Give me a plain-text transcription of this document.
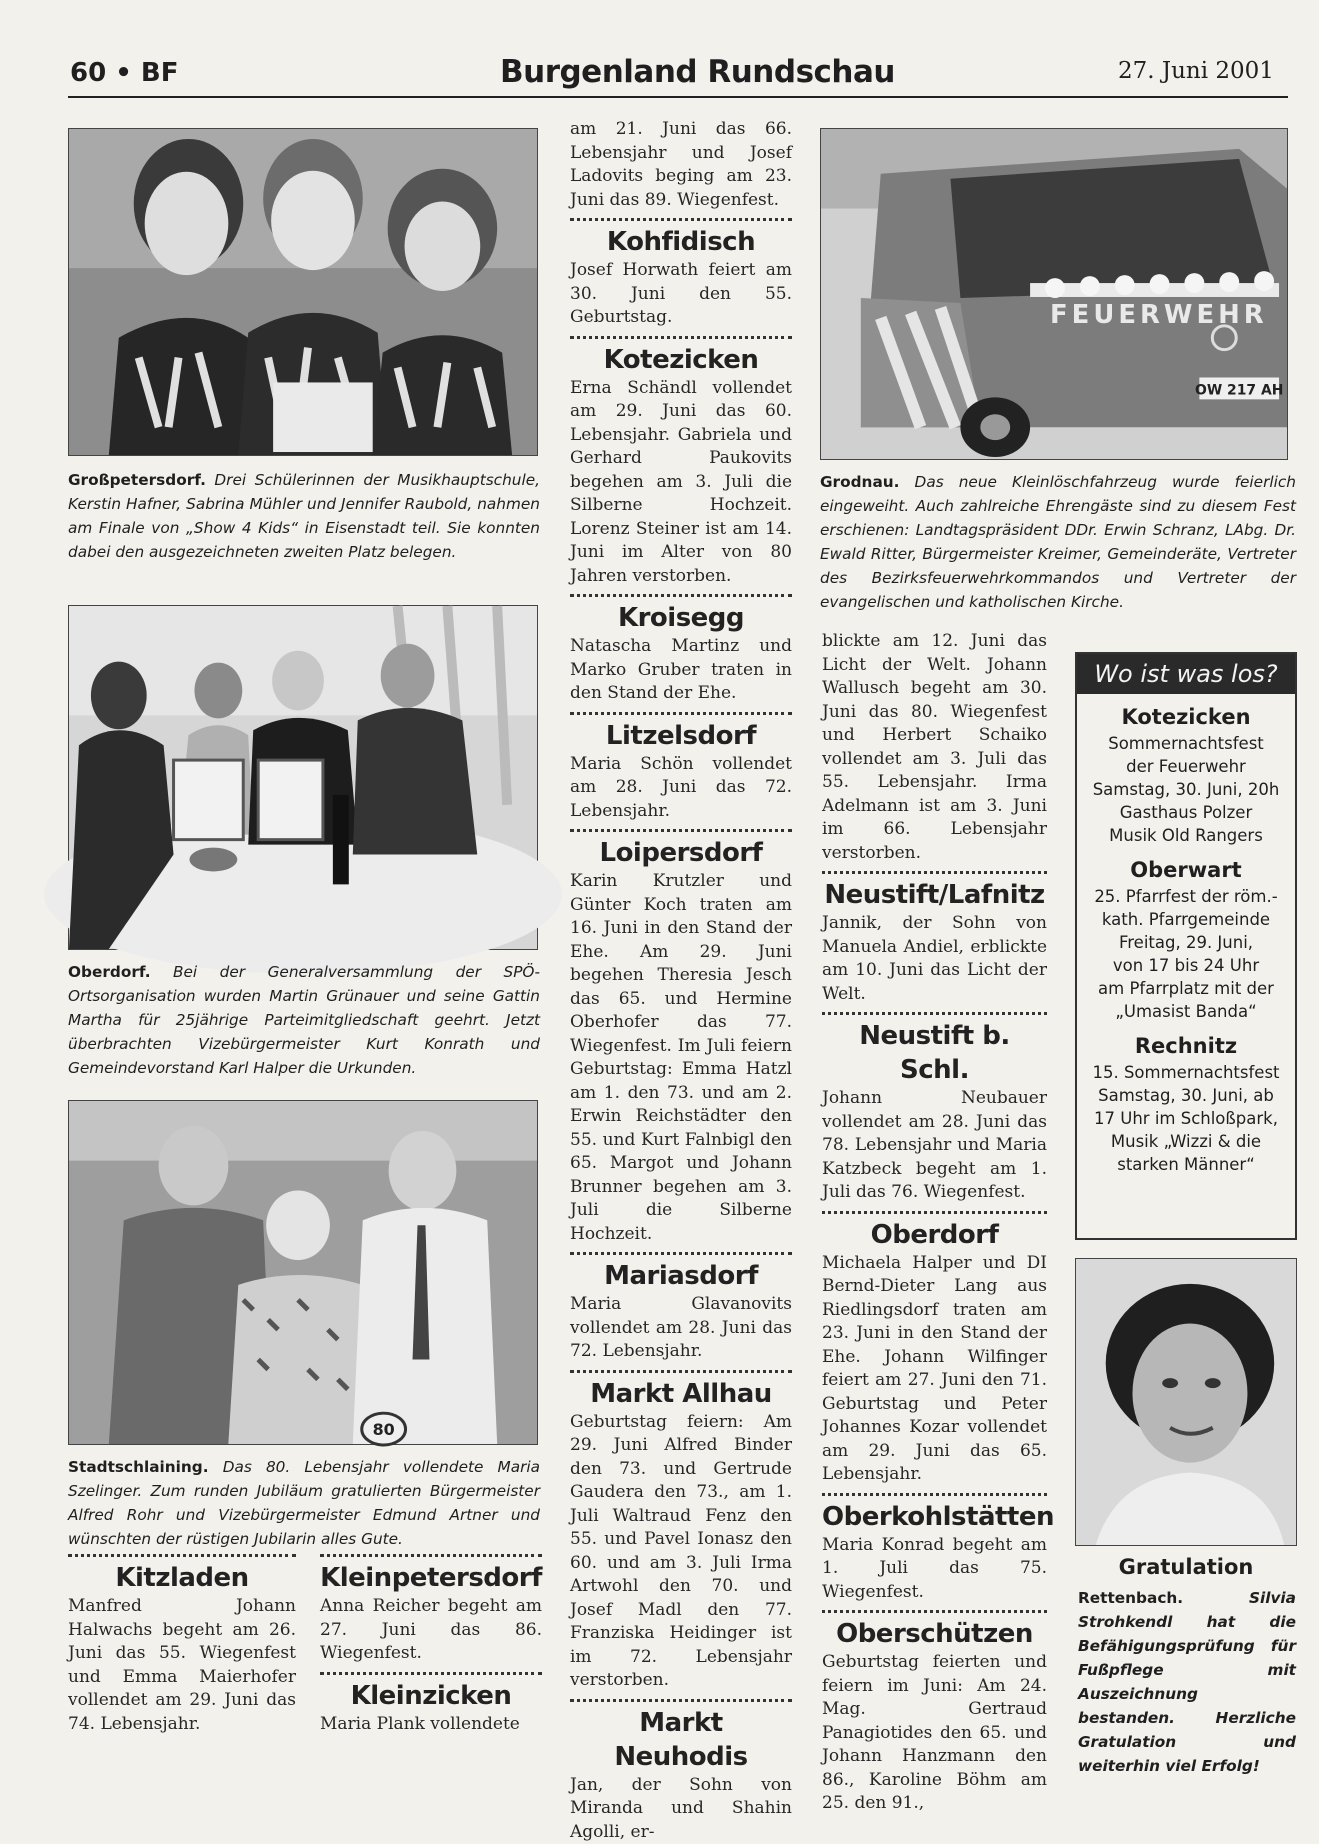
60 • BF	Burgenland Rundschau	27. Juni 2001
Großpetersdorf. Drei Schülerinnen der Musikhauptschule, Kerstin Hafner, Sabrina Mühler und Jennifer Raubold, nahmen am Finale von „Show 4 Kids“ in Eisenstadt teil. Sie konnten dabei den ausgezeichneten zweiten Platz belegen.
Oberdorf. Bei der Generalversammlung der SPÖ-Ortsorganisation wurden Martin Grünauer und seine Gattin Martha für 25jährige Parteimitgliedschaft geehrt. Jetzt überbrachten Vizebürgermeister Kurt Konrath und Gemeindevorstand Karl Halper die Urkunden.
80
Stadtschlaining. Das 80. Lebensjahr vollendete Maria Szelinger. Zum runden Jubiläum gratulierten Bürgermeister Alfred Rohr und Vizebürgermeister Edmund Artner und wünschten der rüstigen Jubilarin alles Gute.
FEUERWEHR
OW 217 AH
Grodnau. Das neue Kleinlöschfahrzeug wurde feierlich eingeweiht. Auch zahlreiche Ehrengäste sind zu diesem Fest erschienen: Landtagspräsident DDr. Erwin Schranz, LAbg. Dr. Ewald Ritter, Bürgermeister Kreimer, Gemeinderäte, Vertreter des Bezirksfeuerwehrkommandos und Vertreter der evangelischen und katholischen Kirche.

am 21. Juni das 66. Lebensjahr und Josef Ladovits beging am 23. Juni das 89. Wiegenfest.

Kohfidisch

Josef Horwath feiert am 30. Juni den 55. Geburtstag.

Kotezicken

Erna Schändl vollendet am 29. Juni das 60. Lebensjahr. Gabriela und Gerhard Paukovits begehen am 3. Juli die Silberne Hochzeit. Lorenz Steiner ist am 14. Juni im Alter von 80 Jahren verstorben.

Kroisegg

Natascha Martinz und Marko Gruber traten in den Stand der Ehe.

Litzelsdorf

Maria Schön vollendet am 28. Juni das 72. Lebensjahr.

Loipersdorf

Karin Krutzler und Günter Koch traten am 16. Juni in den Stand der Ehe. Am 29. Juni begehen Theresia Jesch das 65. und Hermine Oberhofer das 77. Wiegenfest. Im Juli feiern Geburtstag: Emma Hatzl am 1. den 73. und am 2. Erwin Reichstädter den 55. und Kurt Falnbigl den 65. Margot und Johann Brunner begehen am 3. Juli die Silberne Hochzeit.

Mariasdorf

Maria Glavanovits vollendet am 28. Juni das 72. Lebensjahr.

Markt Allhau

Geburtstag feiern: Am 29. Juni Alfred Binder den 73. und Gertrude Gaudera den 73., am 1. Juli Waltraud Fenz den 55. und Pavel Ionasz den 60. und am 3. Juli Irma Artwohl den 70. und Josef Madl den 77. Franziska Heidinger ist im 72. Lebensjahr verstorben.

Markt Neuhodis

Jan, der Sohn von Miranda und Shahin Agolli, er-

blickte am 12. Juni das Licht der Welt. Johann Wallusch begeht am 30. Juni das 80. Wiegenfest und Herbert Schaiko vollendet am 3. Juli das 55. Lebensjahr. Irma Adelmann ist am 3. Juni im 66. Lebensjahr verstorben.

Neustift/Lafnitz

Jannik, der Sohn von Manuela Andiel, erblickte am 10. Juni das Licht der Welt.

Neustift b. Schl.

Johann Neubauer vollendet am 28. Juni das 78. Lebensjahr und Maria Katzbeck begeht am 1. Juli das 76. Wiegenfest.

Oberdorf

Michaela Halper und DI Bernd-Dieter Lang aus Riedlingsdorf traten am 23. Juni in den Stand der Ehe. Johann Wilfinger feiert am 27. Juni den 71. Geburtstag und Peter Johannes Kozar vollendet am 29. Juni das 65. Lebensjahr.

Oberkohlstätten

Maria Konrad begeht am 1. Juli das 75. Wiegenfest.

Oberschützen

Geburtstag feierten und feiern im Juni: Am 24. Mag. Gertraud Panagiotides den 65. und Johann Hanzmann den 86., Karoline Böhm am 25. den 91.,

Kitzladen

Manfred Johann Halwachs begeht am 26. Juni das 55. Wiegenfest und Emma Maierhofer vollendet am 29. Juni das 74. Lebensjahr.

Kleinpetersdorf

Anna Reicher begeht am 27. Juni das 86. Wiegenfest.

Kleinzicken

Maria Plank vollendete

Wo ist was los?
Kotezicken
Sommernachtsfest
der Feuerwehr
Samstag, 30. Juni, 20h
Gasthaus Polzer
Musik Old Rangers
Oberwart
25. Pfarrfest der röm.-
kath. Pfarrgemeinde
Freitag, 29. Juni,
von 17 bis 24 Uhr
am Pfarrplatz mit der
„Umasist Banda“
Rechnitz
15. Sommernachtsfest
Samstag, 30. Juni, ab
17 Uhr im Schloßpark,
Musik „Wizzi & die
starken Männer“
Gratulation
Rettenbach.	Silvia Strohkendl hat die Befähigungsprüfung für Fußpflege mit Auszeichnung bestanden. Herzliche Gratulation und weiterhin viel Erfolg!
